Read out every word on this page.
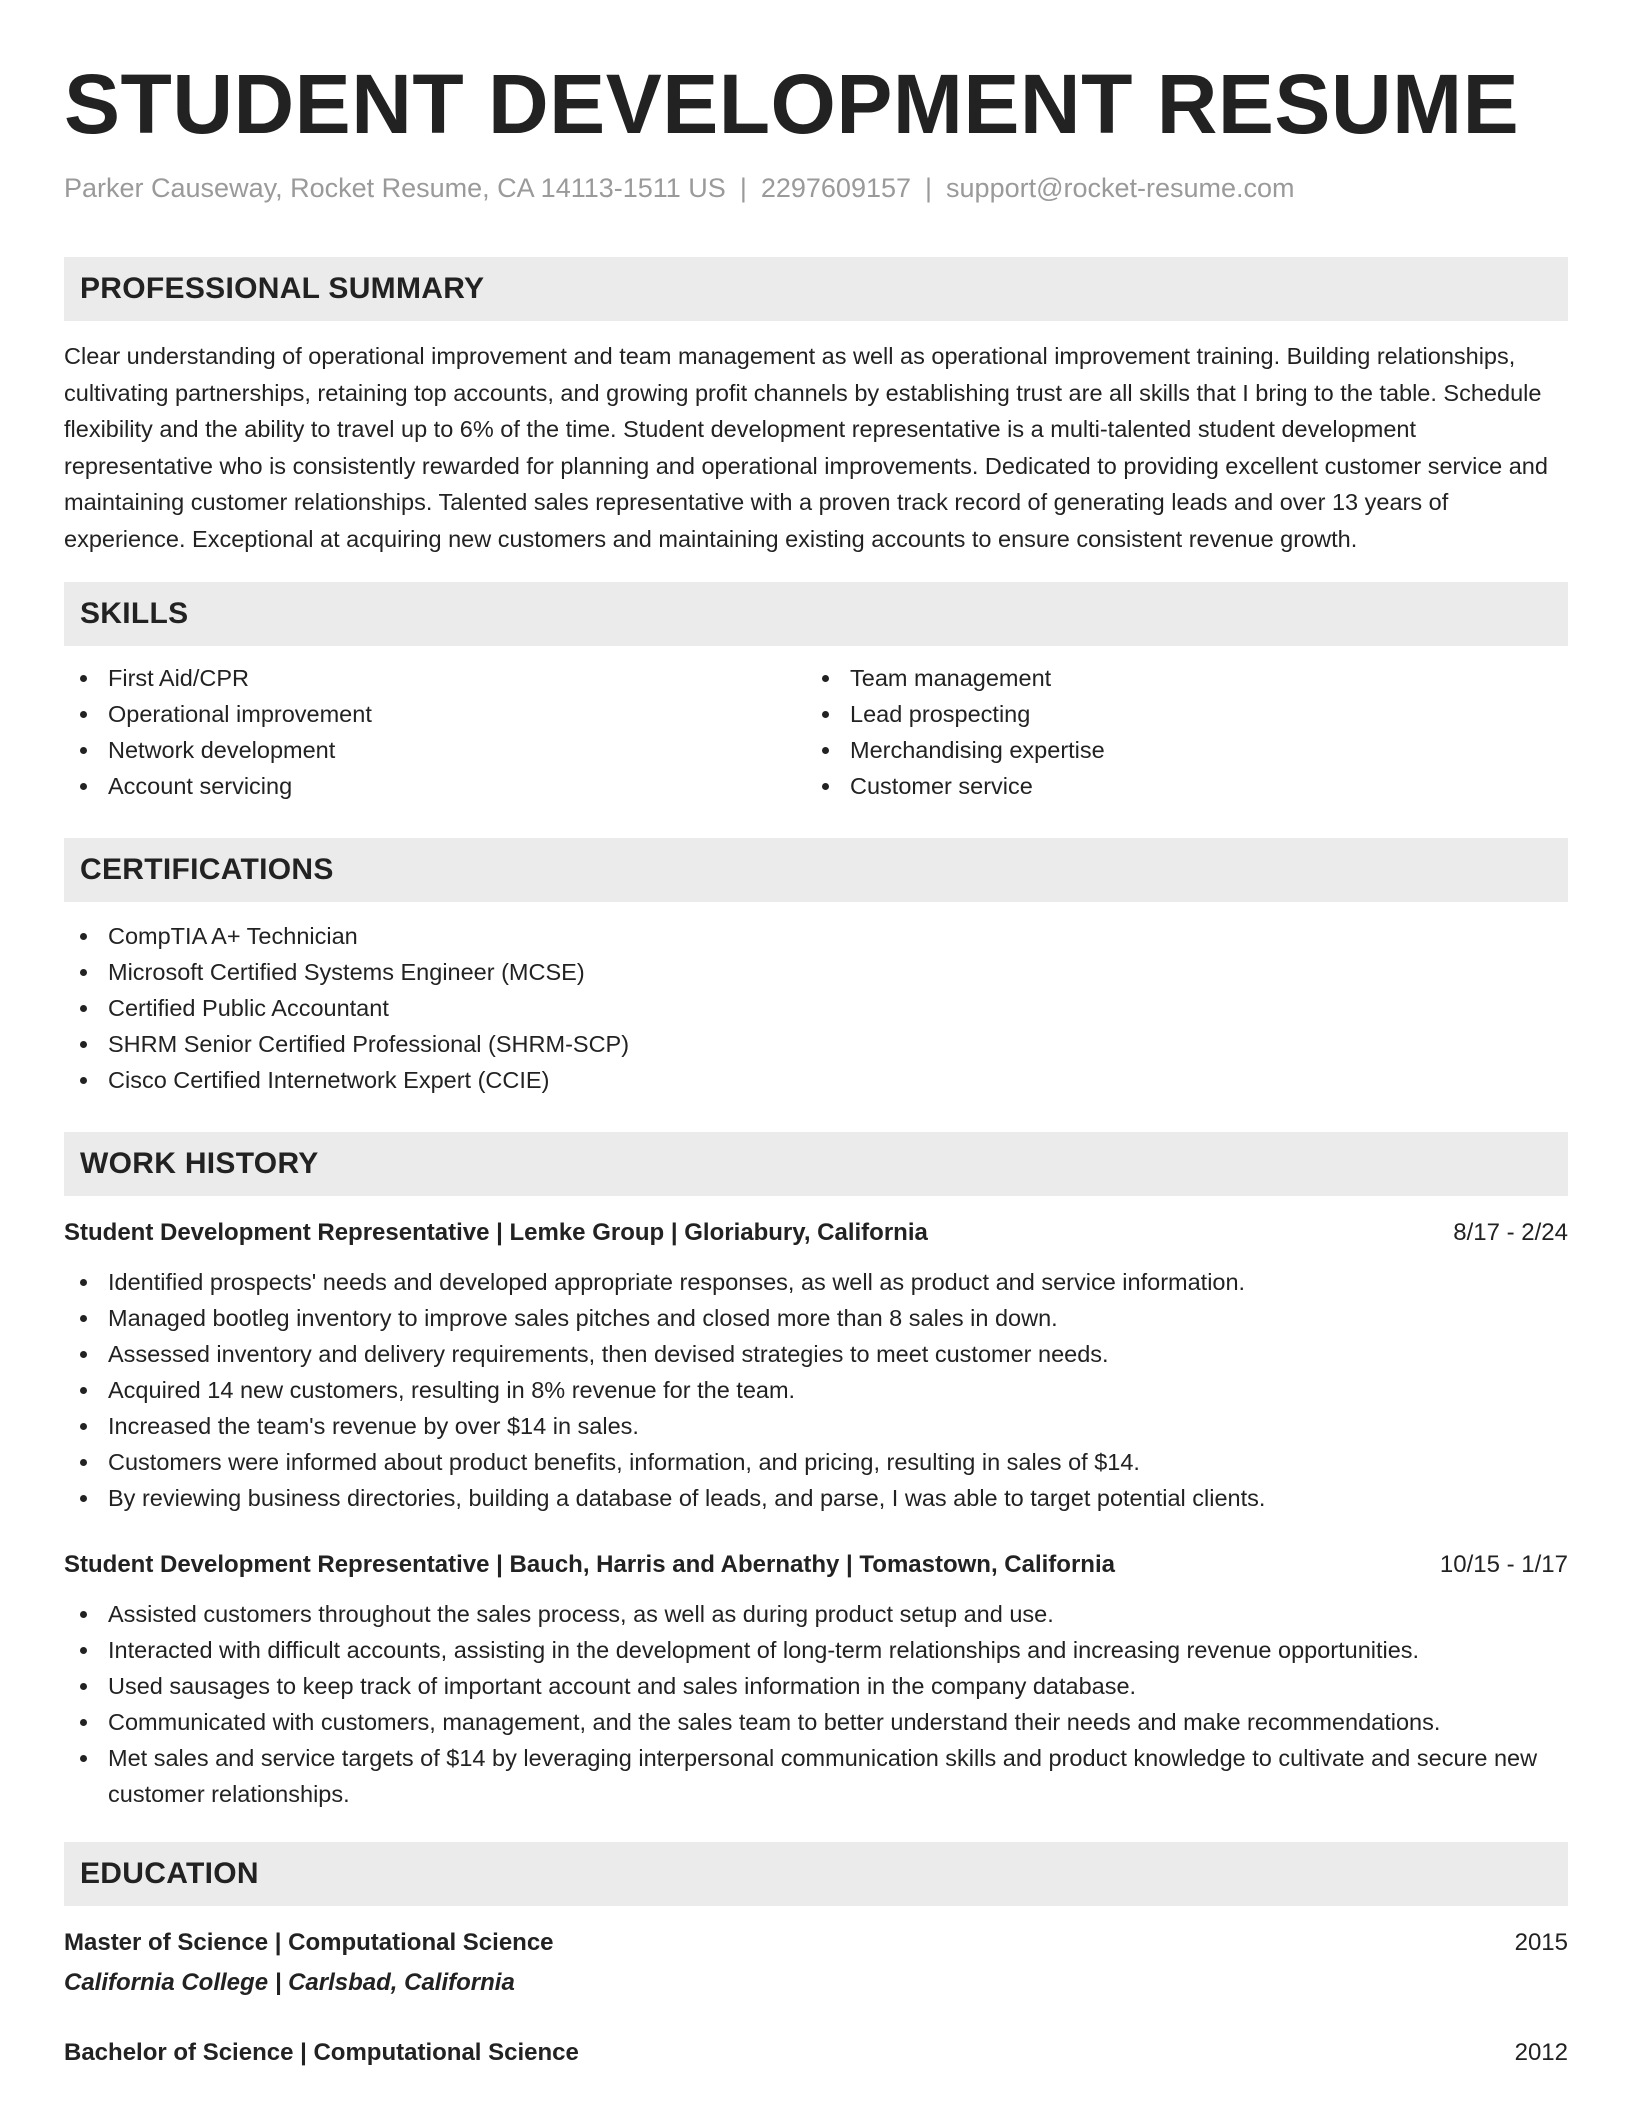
STUDENT DEVELOPMENT RESUME
Parker Causeway, Rocket Resume, CA 14113-1511 US | 2297609157 | support@rocket-resume.com
PROFESSIONAL SUMMARY

Clear understanding of operational improvement and team management as well as operational improvement training. Building relationships, cultivating partnerships, retaining top accounts, and growing profit channels by establishing trust are all skills that I bring to the table. Schedule flexibility and the ability to travel up to 6% of the time. Student development representative is a multi-talented student development representative who is consistently rewarded for planning and operational improvements. Dedicated to providing excellent customer service and maintaining customer relationships. Talented sales representative with a proven track record of generating leads and over 13 years of experience. Exceptional at acquiring new customers and maintaining existing accounts to ensure consistent revenue growth.

SKILLS
First Aid/CPR
Operational improvement
Network development
Account servicing
Team management
Lead prospecting
Merchandising expertise
Customer service
CERTIFICATIONS
CompTIA A+ Technician
Microsoft Certified Systems Engineer (MCSE)
Certified Public Accountant
SHRM Senior Certified Professional (SHRM-SCP)
Cisco Certified Internetwork Expert (CCIE)
WORK HISTORY
Student Development Representative | Lemke Group | Gloriabury, California	8/17 - 2/24
Identified prospects' needs and developed appropriate responses, as well as product and service information.
Managed bootleg inventory to improve sales pitches and closed more than 8 sales in down.
Assessed inventory and delivery requirements, then devised strategies to meet customer needs.
Acquired 14 new customers, resulting in 8% revenue for the team.
Increased the team's revenue by over $14 in sales.
Customers were informed about product benefits, information, and pricing, resulting in sales of $14.
By reviewing business directories, building a database of leads, and parse, I was able to target potential clients.
Student Development Representative | Bauch, Harris and Abernathy | Tomastown, California	10/15 - 1/17
Assisted customers throughout the sales process, as well as during product setup and use.
Interacted with difficult accounts, assisting in the development of long-term relationships and increasing revenue opportunities.
Used sausages to keep track of important account and sales information in the company database.
Communicated with customers, management, and the sales team to better understand their needs and make recommendations.
Met sales and service targets of $14 by leveraging interpersonal communication skills and product knowledge to cultivate and secure new customer relationships.
EDUCATION
Master of Science | Computational Science	2015
California College | Carlsbad, California
Bachelor of Science | Computational Science	2012
